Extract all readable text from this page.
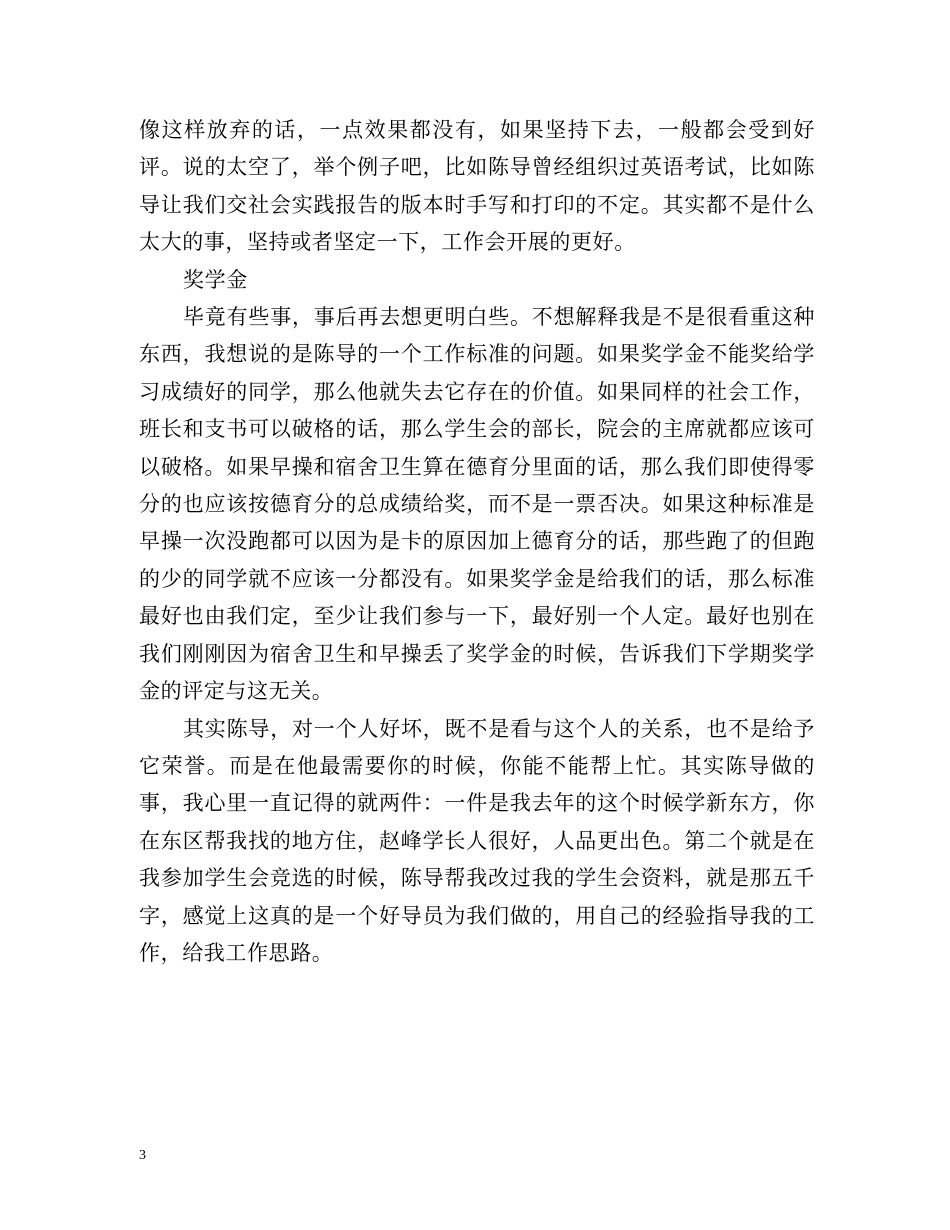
像这样放弃的话，一点效果都没有，如果坚持下去，一般都会受到好评。说的太空了，举个例子吧，比如陈导曾经组织过英语考试，比如陈导让我们交社会实践报告的版本时手写和打印的不定。其实都不是什么太大的事，坚持或者坚定一下，工作会开展的更好。

奖学金

毕竟有些事，事后再去想更明白些。不想解释我是不是很看重这种东西，我想说的是陈导的一个工作标准的问题。如果奖学金不能奖给学习成绩好的同学，那么他就失去它存在的价值。如果同样的社会工作，班长和支书可以破格的话，那么学生会的部长，院会的主席就都应该可以破格。如果早操和宿舍卫生算在德育分里面的话，那么我们即使得零分的也应该按德育分的总成绩给奖，而不是一票否决。如果这种标准是早操一次没跑都可以因为是卡的原因加上德育分的话，那些跑了的但跑的少的同学就不应该一分都没有。如果奖学金是给我们的话，那么标准最好也由我们定，至少让我们参与一下，最好别一个人定。最好也别在我们刚刚因为宿舍卫生和早操丢了奖学金的时候，告诉我们下学期奖学金的评定与这无关。

其实陈导，对一个人好坏，既不是看与这个人的关系，也不是给予它荣誉。而是在他最需要你的时候，你能不能帮上忙。其实陈导做的事，我心里一直记得的就两件：一件是我去年的这个时候学新东方，你在东区帮我找的地方住，赵峰学长人很好，人品更出色。第二个就是在我参加学生会竞选的时候，陈导帮我改过我的学生会资料，就是那五千字，感觉上这真的是一个好导员为我们做的，用自己的经验指导我的工作，给我工作思路。

3
